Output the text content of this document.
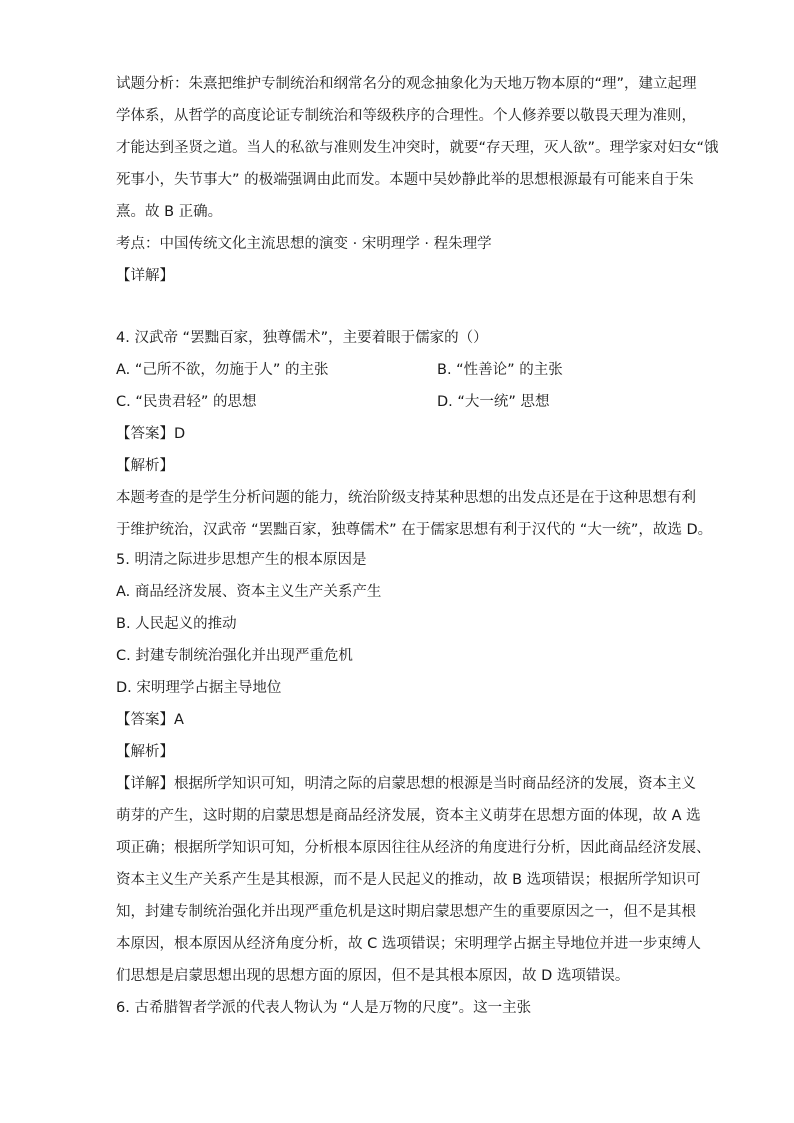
试题分析：朱熹把维护专制统治和纲常名分的观念抽象化为天地万物本原的“理”，建立起理
学体系，从哲学的高度论证专制统治和等级秩序的合理性。个人修养要以敬畏天理为准则，
才能达到圣贤之道。当人的私欲与准则发生冲突时，就要“存天理，灭人欲”。理学家对妇女“饿
死事小，失节事大” 的极端强调由此而发。本题中吴妙静此举的思想根源最有可能来自于朱
熹。故 B 正确。
考点：中国传统文化主流思想的演变 · 宋明理学 · 程朱理学
【详解】
4. 汉武帝 “罢黜百家，独尊儒术”，主要着眼于儒家的（）
A. “己所不欲，勿施于人” 的主张	B. “性善论” 的主张
C. “民贵君轻” 的思想	D. “大一统” 思想
【答案】D
【解析】
本题考查的是学生分析问题的能力，统治阶级支持某种思想的出发点还是在于这种思想有利
于维护统治，汉武帝 “罢黜百家，独尊儒术” 在于儒家思想有利于汉代的 “大一统”，故选 D。
5. 明清之际进步思想产生的根本原因是
A. 商品经济发展、资本主义生产关系产生
B. 人民起义的推动
C. 封建专制统治强化并出现严重危机
D. 宋明理学占据主导地位
【答案】A
【解析】
【详解】根据所学知识可知，明清之际的启蒙思想的根源是当时商品经济的发展，资本主义
萌芽的产生，这时期的启蒙思想是商品经济发展，资本主义萌芽在思想方面的体现，故 A 选
项正确；根据所学知识可知，分析根本原因往往从经济的角度进行分析，因此商品经济发展、
资本主义生产关系产生是其根源，而不是人民起义的推动，故 B 选项错误；根据所学知识可
知，封建专制统治强化并出现严重危机是这时期启蒙思想产生的重要原因之一，但不是其根
本原因，根本原因从经济角度分析，故 C 选项错误；宋明理学占据主导地位并进一步束缚人
们思想是启蒙思想出现的思想方面的原因，但不是其根本原因，故 D 选项错误。
6. 古希腊智者学派的代表人物认为 “人是万物的尺度”。这一主张
